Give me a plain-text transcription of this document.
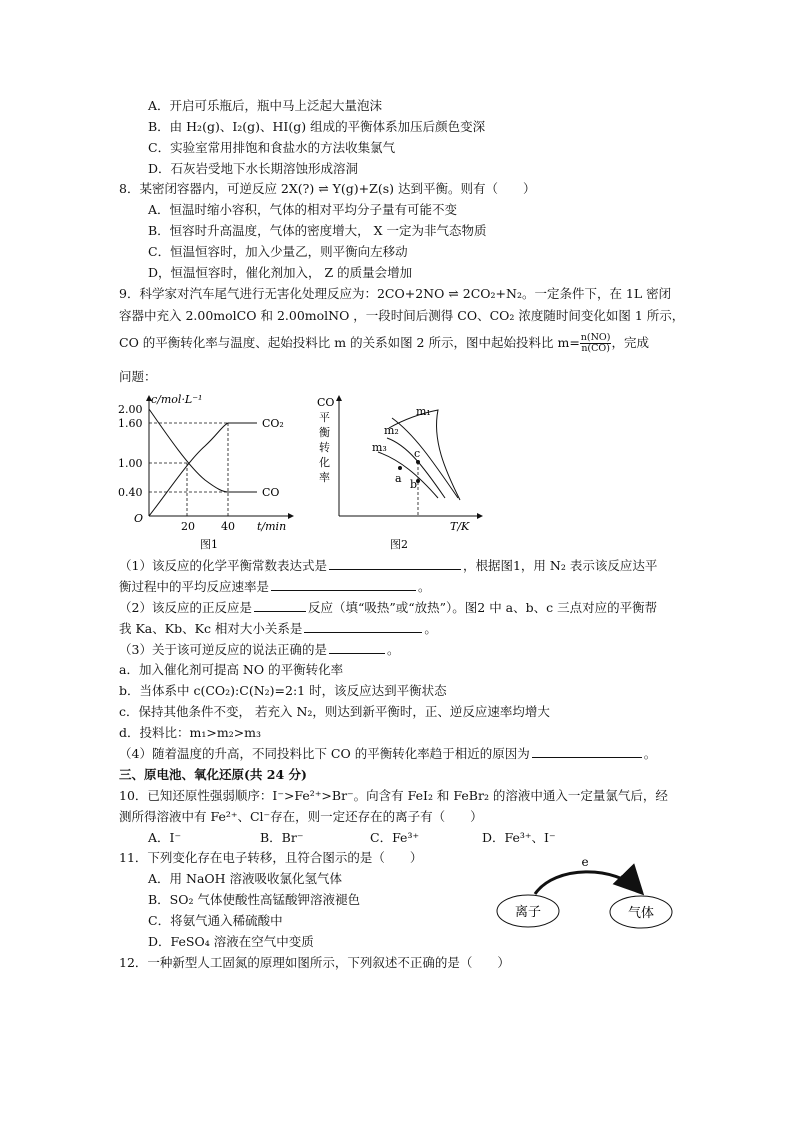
A．开启可乐瓶后，瓶中马上泛起大量泡沫
B．由 H₂(g)、I₂(g)、HI(g) 组成的平衡体系加压后颜色变深
C．实验室常用排饱和食盐水的方法收集氯气
D．石灰岩受地下水长期溶蚀形成溶洞
8．某密闭容器内，可逆反应 2X(?) ⇌ Y(g)+Z(s) 达到平衡。则有（　　）
A．恒温时缩小容积，气体的相对平均分子量有可能不变
B．恒容时升高温度，气体的密度增大， X 一定为非气态物质
C．恒温恒容时，加入少量乙，则平衡向左移动
D，恒温恒容时，催化剂加入， Z 的质量会增加
9．科学家对汽车尾气进行无害化处理反应为：2CO+2NO ⇌ 2CO₂+N₂。一定条件下，在 1L 密闭
容器中充入 2.00molCO 和 2.00molNO ，一段时间后测得 CO、CO₂ 浓度随时间变化如图 1 所示，
CO 的平衡转化率与温度、起始投料比 m 的关系如图 2 所示，图中起始投料比 $m= \frac{n(NO)}{n(CO)}$ ，完成
问题：
c/mol·L⁻¹
2.00
1.60
1.00
0.40
O
20 40 t/min
CO₂
CO
图1
CO
平
衡
转
化
率
m₁
m₂
m₃
a b
c
T/K
图2
（1）该反应的化学平衡常数表达式是	，根据图1，用 N₂ 表示该反应达平
衡过程中的平均反应速率是	。
（2）该反应的正反应是	反应（填“吸热”或“放热”）。图2 中 a、b、c 三点对应的平衡帮
我 Ka、Kb、Kc 相对大小关系是	。
（3）关于该可逆反应的说法正确的是	。
a．加入催化剂可提高 NO 的平衡转化率
b．当体系中 c(CO₂):C(N₂)=2:1 时，该反应达到平衡状态
c．保持其他条件不变， 若充入 N₂，则达到新平衡时，正、逆反应速率均增大
d．投料比：m₁>m₂>m₃
（4）随着温度的升高，不同投料比下 CO 的平衡转化率趋于相近的原因为	。
三、原电池、氧化还原(共 24 分)
10．已知还原性强弱顺序：I⁻>Fe²⁺>Br⁻。向含有 FeI₂ 和 FeBr₂ 的溶液中通入一定量氯气后，经
测所得溶液中有 Fe²⁺、Cl⁻存在，则一定还存在的离子有（　　）
A．I⁻	B．Br⁻	C．Fe³⁺	D．Fe³⁺、I⁻
11．下列变化存在电子转移，且符合图示的是（　　）
A．用 NaOH 溶液吸收氯化氢气体
B．SO₂ 气体使酸性高锰酸钾溶液褪色
C．将氨气通入稀硫酸中
D．FeSO₄ 溶液在空气中变质
e
离子	气体
12．一种新型人工固氮的原理如图所示，下列叙述不正确的是（　　）
